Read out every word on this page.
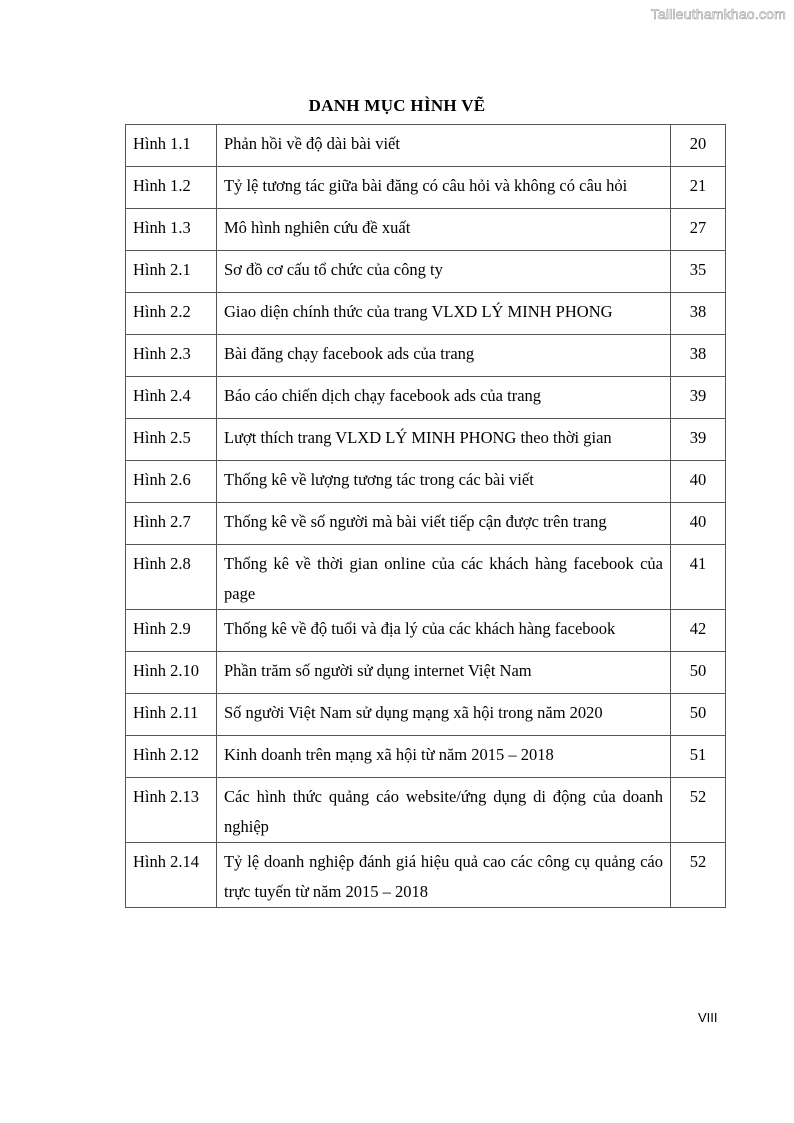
Tailieuthamkhao.com
DANH MỤC HÌNH VẼ
Hình 1.1	Phản hồi về độ dài bài viết	20
Hình 1.2	Tỷ lệ tương tác giữa bài đăng có câu hỏi và không có câu hỏi	21
Hình 1.3	Mô hình nghiên cứu đề xuất	27
Hình 2.1	Sơ đồ cơ cấu tổ chức của công ty	35
Hình 2.2	Giao diện chính thức của trang VLXD LÝ MINH PHONG	38
Hình 2.3	Bài đăng chạy facebook ads của trang	38
Hình 2.4	Báo cáo chiến dịch chạy facebook ads của trang	39
Hình 2.5	Lượt thích trang VLXD LÝ MINH PHONG theo thời gian	39
Hình 2.6	Thống kê về lượng tương tác trong các bài viết	40
Hình 2.7	Thống kê về số người mà bài viết tiếp cận được trên trang	40
Hình 2.8	Thống kê về thời gian online của các khách hàng facebook của page	41
Hình 2.9	Thống kê về độ tuổi và địa lý của các khách hàng facebook	42
Hình 2.10	Phần trăm số người sử dụng internet Việt Nam	50
Hình 2.11	Số người Việt Nam sử dụng mạng xã hội trong năm 2020	50
Hình 2.12	Kinh doanh trên mạng xã hội từ năm 2015 – 2018	51
Hình 2.13	Các hình thức quảng cáo website/ứng dụng di động của doanh nghiệp	52
Hình 2.14	Tỷ lệ doanh nghiệp đánh giá hiệu quả cao các công cụ quảng cáo trực tuyến từ năm 2015 – 2018	52
VIII
